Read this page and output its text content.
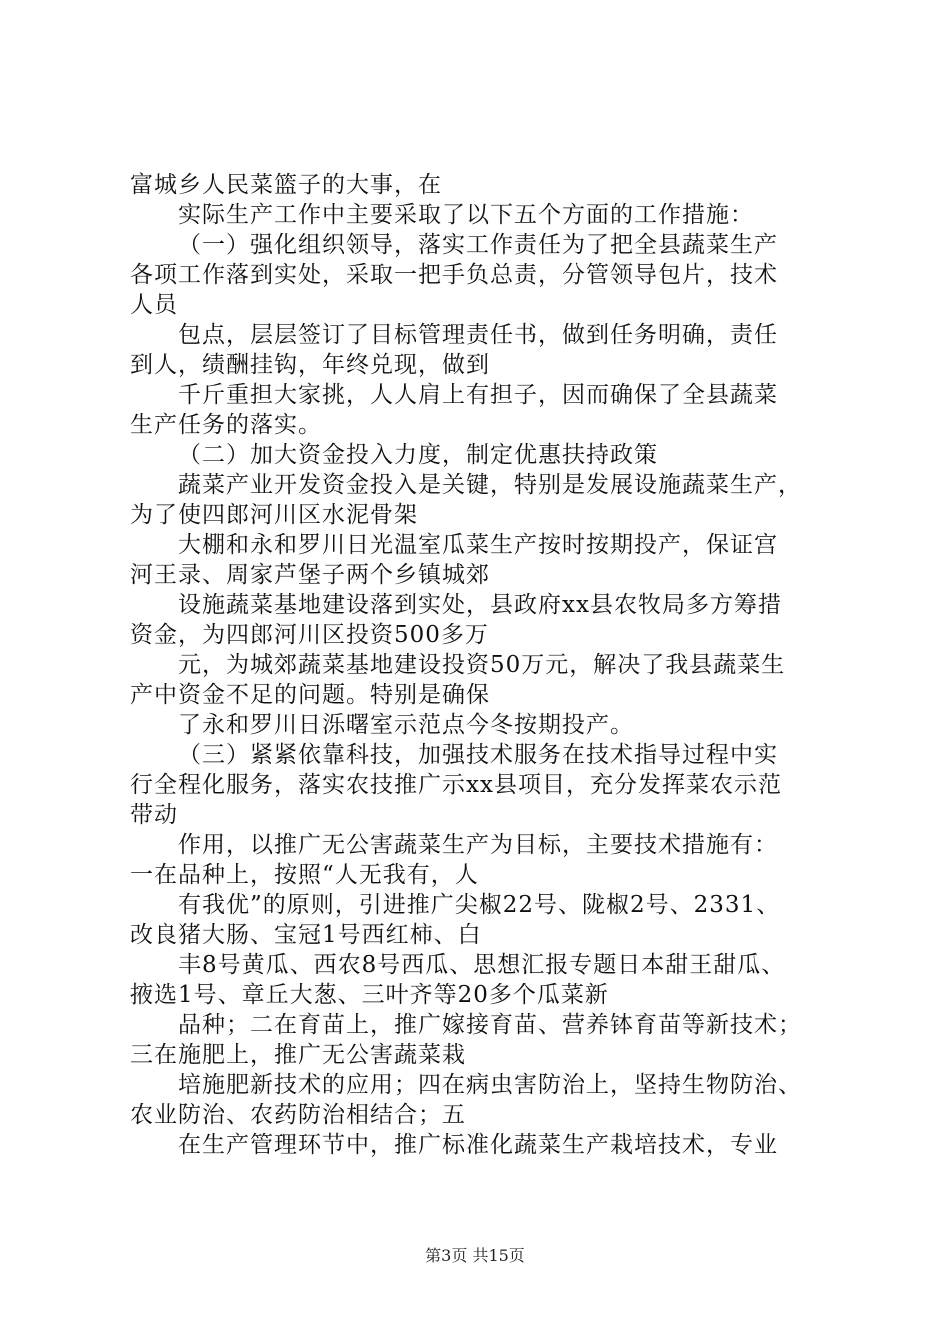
富城乡人民菜篮子的大事，在
实际生产工作中主要采取了以下五个方面的工作措施：
（一）强化组织领导，落实工作责任为了把全县蔬菜生产
各项工作落到实处，采取一把手负总责，分管领导包片，技术
人员
包点，层层签订了目标管理责任书，做到任务明确，责任
到人，绩酬挂钩，年终兑现，做到
千斤重担大家挑，人人肩上有担子，因而确保了全县蔬菜
生产任务的落实。
（二）加大资金投入力度，制定优惠扶持政策
蔬菜产业开发资金投入是关键，特别是发展设施蔬菜生产，
为了使四郎河川区水泥骨架
大棚和永和罗川日光温室瓜菜生产按时按期投产，保证宫
河王录、周家芦堡子两个乡镇城郊
设施蔬菜基地建设落到实处，县政府xx县农牧局多方筹措
资金，为四郎河川区投资500多万
元，为城郊蔬菜基地建设投资50万元，解决了我县蔬菜生
产中资金不足的问题。特别是确保
了永和罗川日泺曙室示范点今冬按期投产。
（三）紧紧依靠科技，加强技术服务在技术指导过程中实
行全程化服务，落实农技推广示xx县项目，充分发挥菜农示范
带动
作用，以推广无公害蔬菜生产为目标，主要技术措施有：
一在品种上，按照“人无我有，人
有我优”的原则，引进推广尖椒22号、陇椒2号、2331、
改良猪大肠、宝冠1号西红柿、白
丰8号黄瓜、西农8号西瓜、思想汇报专题日本甜王甜瓜、
掖选1号、章丘大葱、三叶齐等20多个瓜菜新
品种；二在育苗上，推广嫁接育苗、营养钵育苗等新技术；
三在施肥上，推广无公害蔬菜栽
培施肥新技术的应用；四在病虫害防治上，坚持生物防治、
农业防治、农药防治相结合；五
在生产管理环节中，推广标准化蔬菜生产栽培技术，专业
第3页 共15页
